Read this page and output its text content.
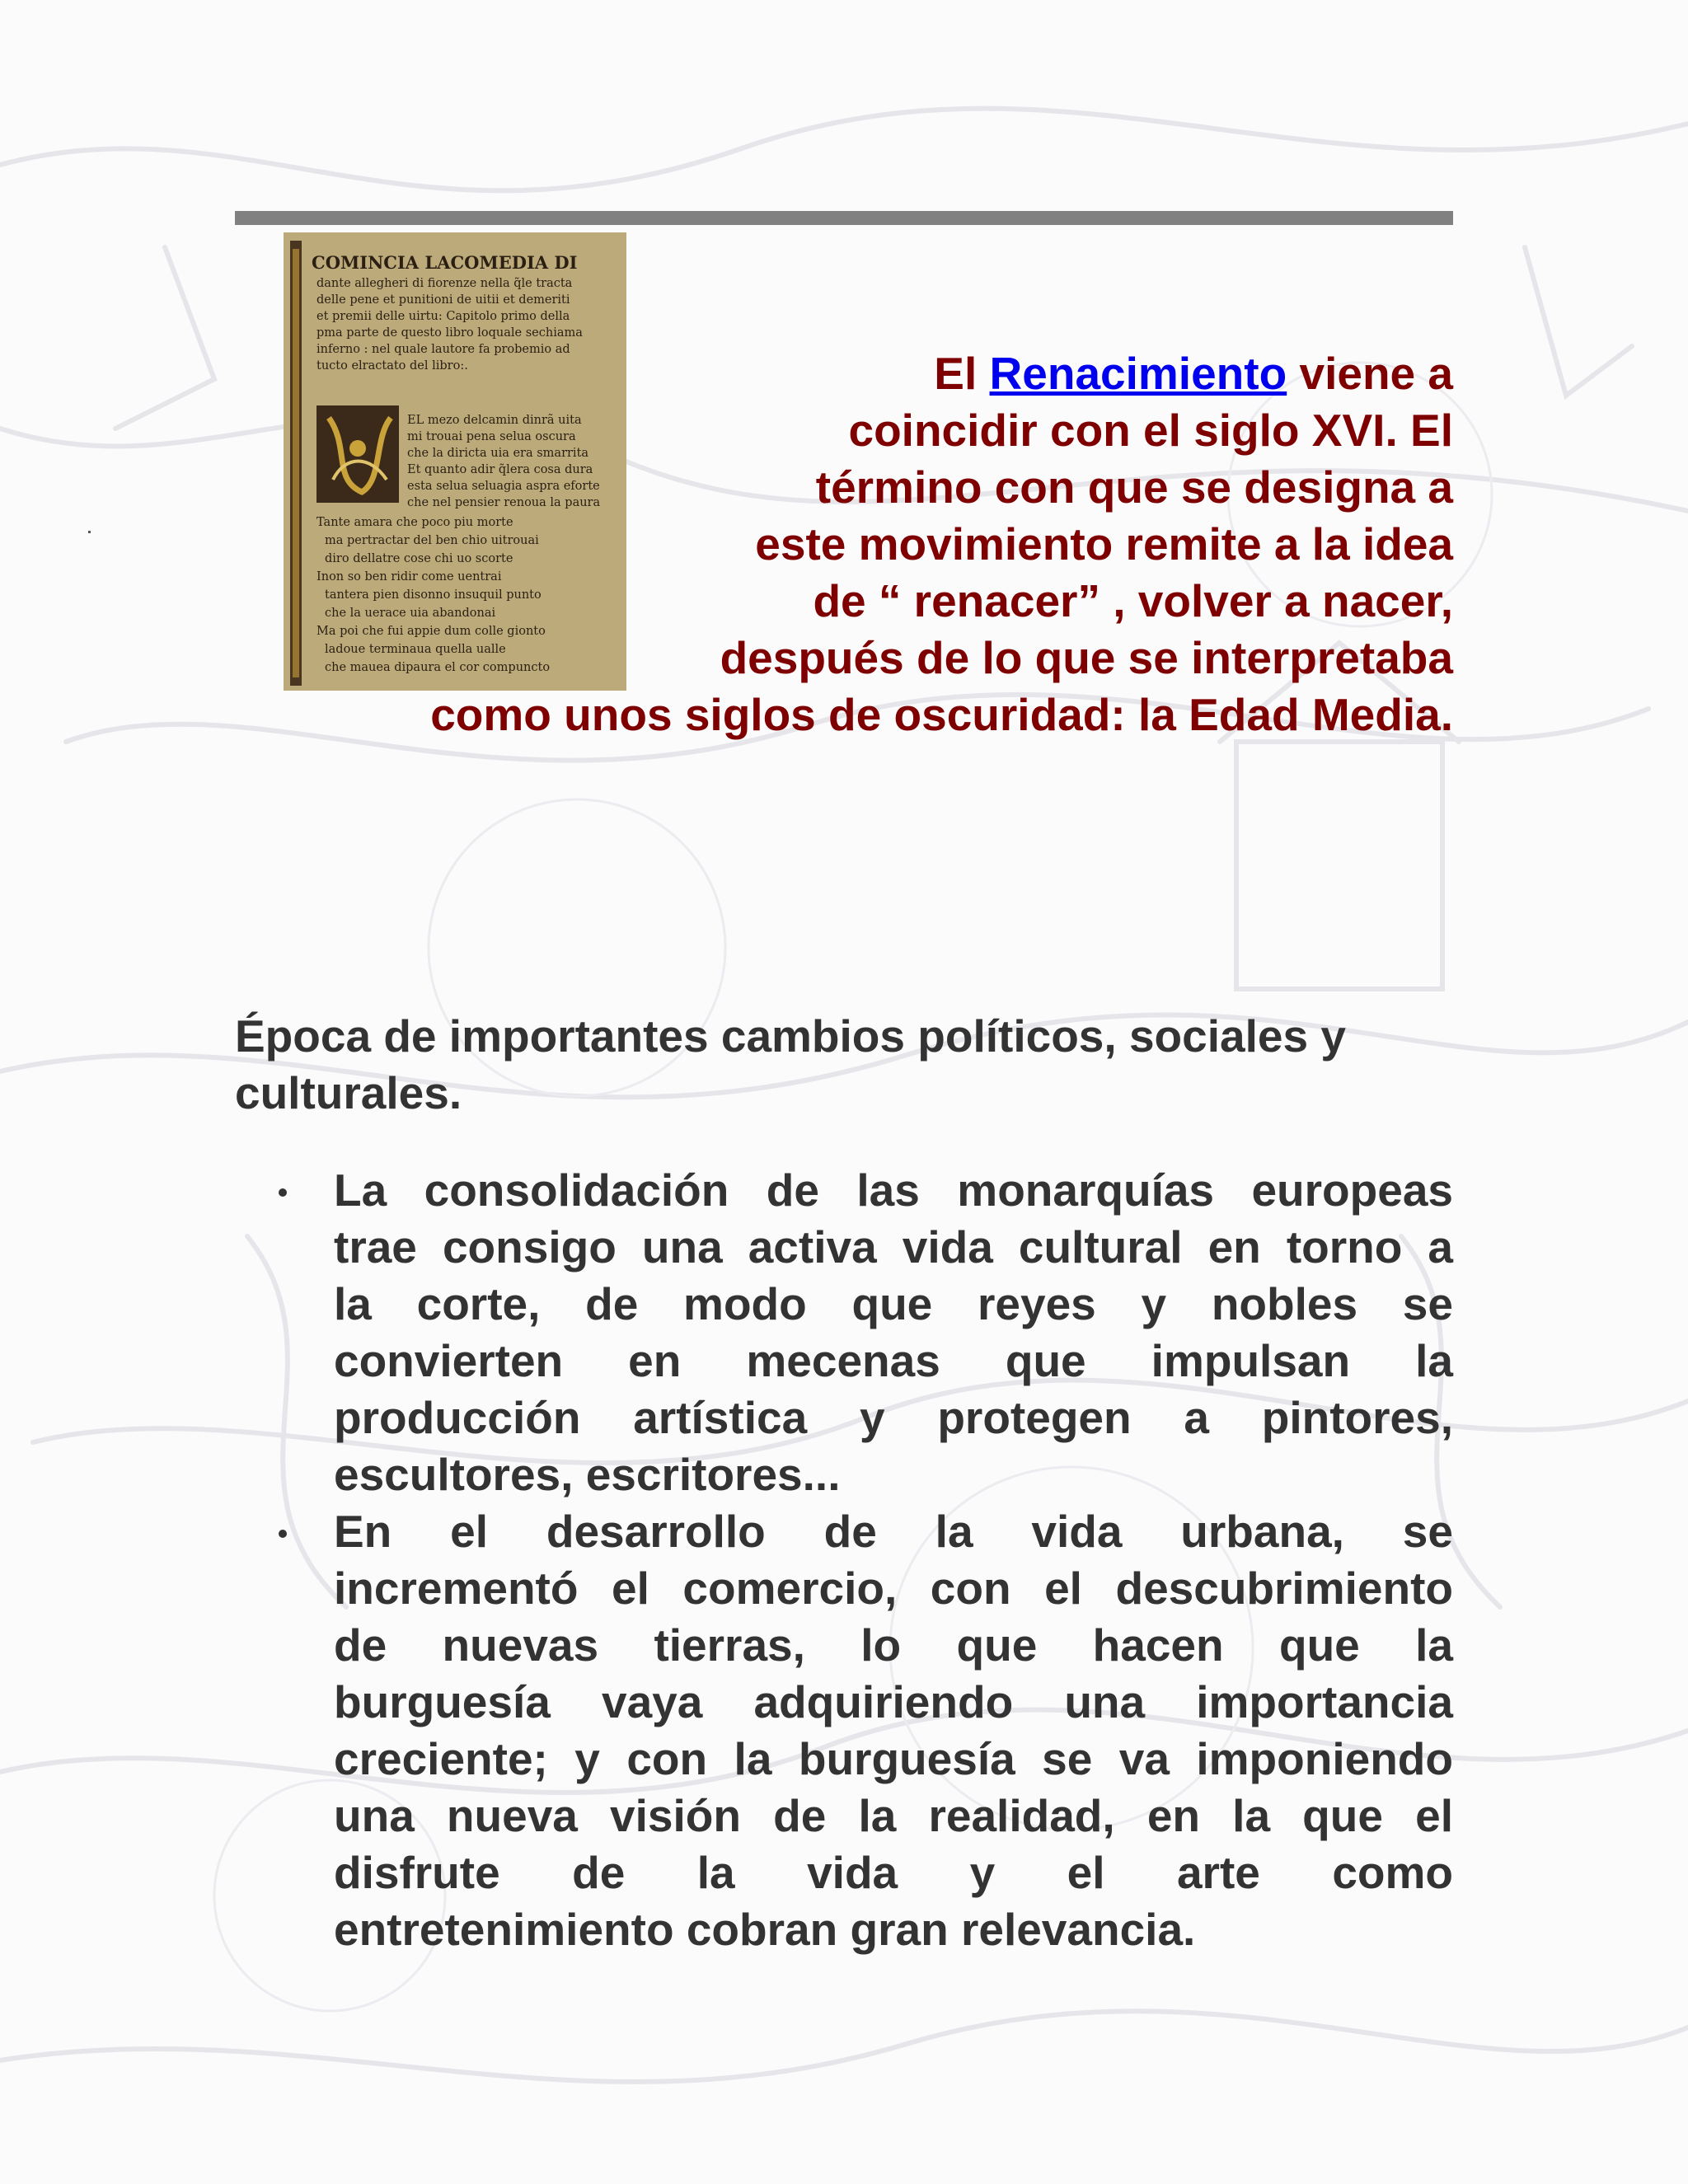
COMINCIA LACOMEDIA DI
dante allegheri di fiorenze nella q̃le tracta
delle pene et punitioni de uitii et demeriti
et premii delle uirtu: Capitolo primo della
pma parte de questo libro loquale sechiama
inferno : nel quale lautore fa probemio ad
tucto elractato del libro:.
EL mezo delcamin dinrã uita
mi trouai pena selua oscura
che la diricta uia era smarrita
Et quanto adir q̃lera cosa dura
esta selua seluagia aspra eforte
che nel pensier renoua la paura
Tante amara che poco piu morte
ma pertractar del ben chio uitrouai
diro dellatre cose chi uo scorte
Inon so ben ridir come uentrai
tantera pien disonno insuquil punto
che la uerace uia abandonai
Ma poi che fui appie dum colle gionto
ladoue terminaua quella ualle
che mauea dipaura el cor compuncto

El Renacimiento viene a
coincidir con el siglo XVI. El
término con que se designa a
este movimiento remite a la idea
de “ renacer” , volver a nacer,
después de lo que se interpretaba
como unos siglos de oscuridad: la Edad Media.

Época de importantes cambios políticos, sociales y
culturales.

La consolidación de las monarquías europeas
trae consigo una activa vida cultural en torno a
la corte, de modo que reyes y nobles se
convierten en mecenas que impulsan la
producción artística y protegen a pintores,
escultores, escritores...
En el desarrollo de la vida urbana, se
incrementó el comercio, con el descubrimiento
de nuevas tierras, lo que hacen que la
burguesía vaya adquiriendo una importancia
creciente; y con la burguesía se va imponiendo
una nueva visión de la realidad, en la que el
disfrute de la vida y el arte como
entretenimiento cobran gran relevancia.
